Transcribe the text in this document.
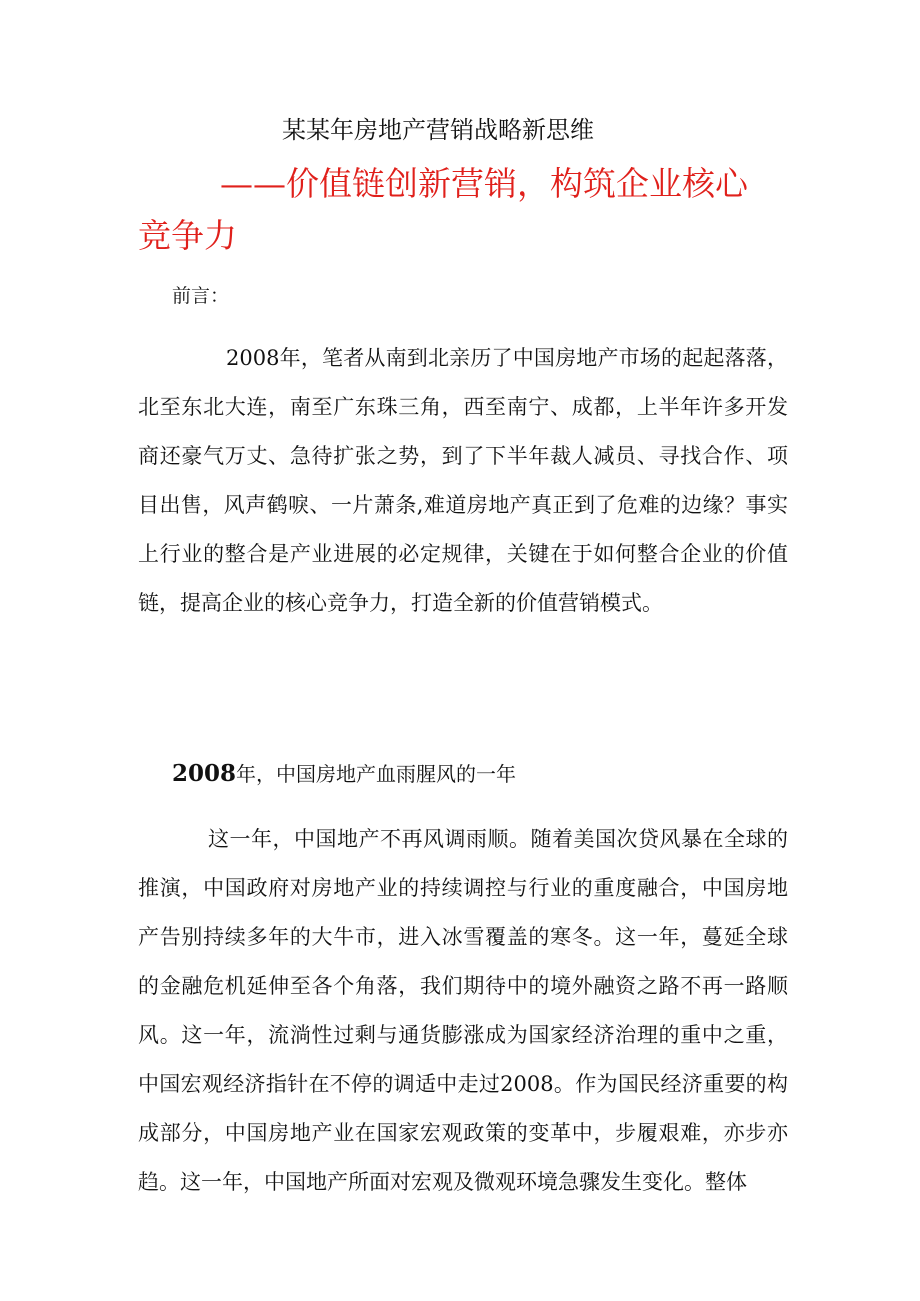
某某年房地产营销战略新思维
——价值链创新营销，构筑企业核心竞争力
前言：
2008年，笔者从南到北亲历了中国房地产市场的起起落落，北至东北大连，南至广东珠三角，西至南宁、成都，上半年许多开发商还豪气万丈、急待扩张之势，到了下半年裁人减员、寻找合作、项目出售，风声鹤唳、一片萧条,难道房地产真正到了危难的边缘？事实上行业的整合是产业进展的必定规律，关键在于如何整合企业的价值链，提高企业的核心竞争力，打造全新的价值营销模式。
2008年，中国房地产血雨腥风的一年
这一年，中国地产不再风调雨顺。随着美国次贷风暴在全球的推演，中国政府对房地产业的持续调控与行业的重度融合，中国房地产告别持续多年的大牛市，进入冰雪覆盖的寒冬。这一年，蔓延全球的金融危机延伸至各个角落，我们期待中的境外融资之路不再一路顺风。这一年，流淌性过剩与通货膨涨成为国家经济治理的重中之重，中国宏观经济指针在不停的调适中走过2008。作为国民经济重要的构成部分，中国房地产业在国家宏观政策的变革中，步履艰难，亦步亦趋。这一年，中国地产所面对宏观及微观环境急骤发生变化。整体
